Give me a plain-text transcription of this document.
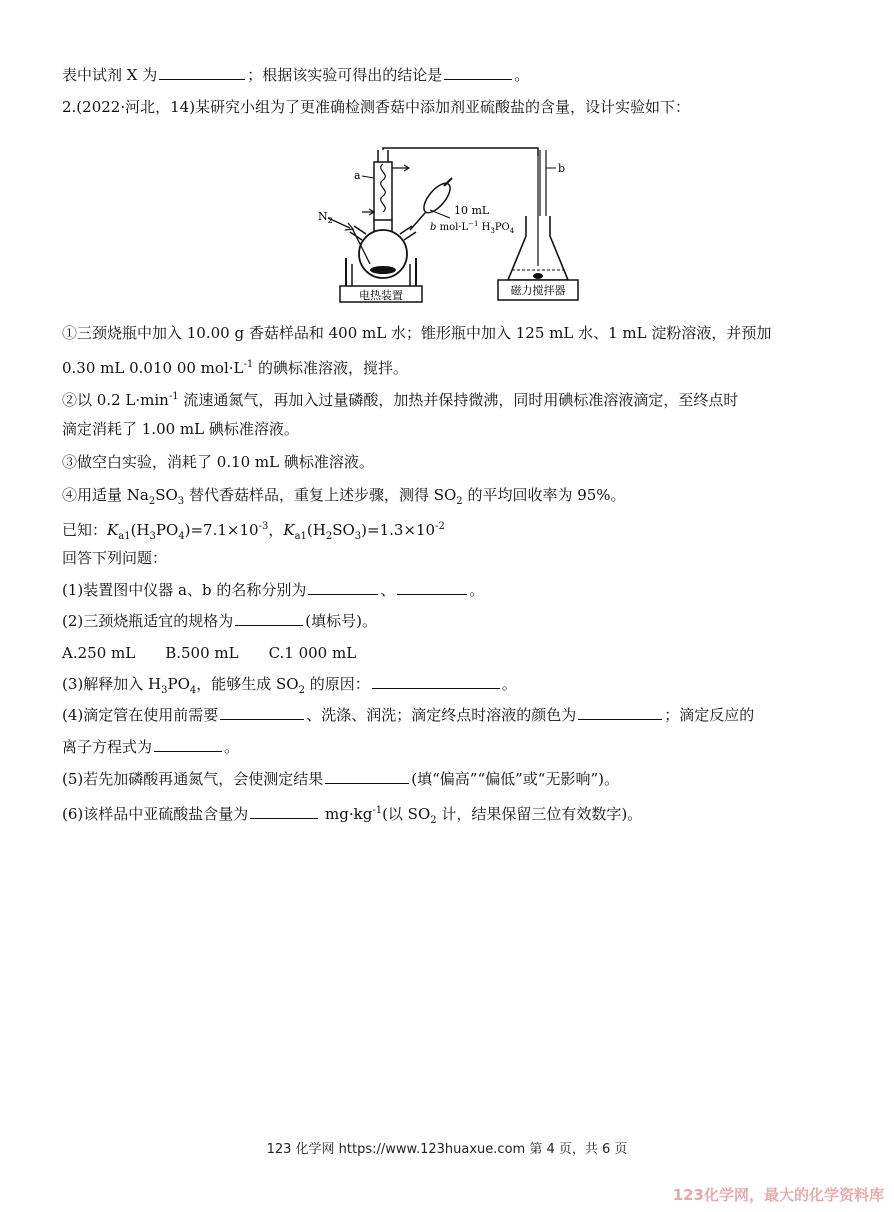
表中试剂 X 为	；根据该实验可得出的结论是	。
2.(2022·河北，14)某研究小组为了更准确检测香菇中添加剂亚硫酸盐的含量，设计实验如下：
电热装置
$N_2$
a
10 mL
b $mol\cdot L^{-1}$ $H_3PO_4$
b
磁力搅拌器
①三颈烧瓶中加入 10.00 g 香菇样品和 400 mL 水；锥形瓶中加入 125 mL 水、1 mL 淀粉溶液，并预加
0.30 mL 0.010 00 $mol\cdot L^{-1}$ 的碘标准溶液，搅拌。
②以 0.2 $L\cdot\min^{-1}$ 流速通氮气，再加入过量磷酸，加热并保持微沸，同时用碘标准溶液滴定，至终点时
滴定消耗了 1.00 mL 碘标准溶液。
③做空白实验，消耗了 0.10 mL 碘标准溶液。
④用适量 $Na_2SO_3$ 替代香菇样品，重复上述步骤，测得 $SO_2$ 的平均回收率为 95%。
已知：$K_{a1}(H_3PO_4)=7.1\times 10^{-3}$，$K_{a1}(H_2SO_3)=1.3\times 10^{-2}$
回答下列问题：
(1)装置图中仪器 a、b 的名称分别为	、	。
(2)三颈烧瓶适宜的规格为	(填标号)。
A.250 mL B.500 mL C.1 000 mL
(3)解释加入 $H_3PO_4$，能够生成 $SO_2$ 的原因：	。
(4)滴定管在使用前需要	、洗涤、润洗；滴定终点时溶液的颜色为	；滴定反应的
离子方程式为	。
(5)若先加磷酸再通氮气，会使测定结果	(填“偏高”“偏低”或“无影响”)。
(6)该样品中亚硫酸盐含量为	$mg\cdot kg^{-1}$(以 $SO_2$ 计，结果保留三位有效数字)。
123 化学网 https://www.123huaxue.com 第 4 页，共 6 页
123化学网，最大的化学资料库
